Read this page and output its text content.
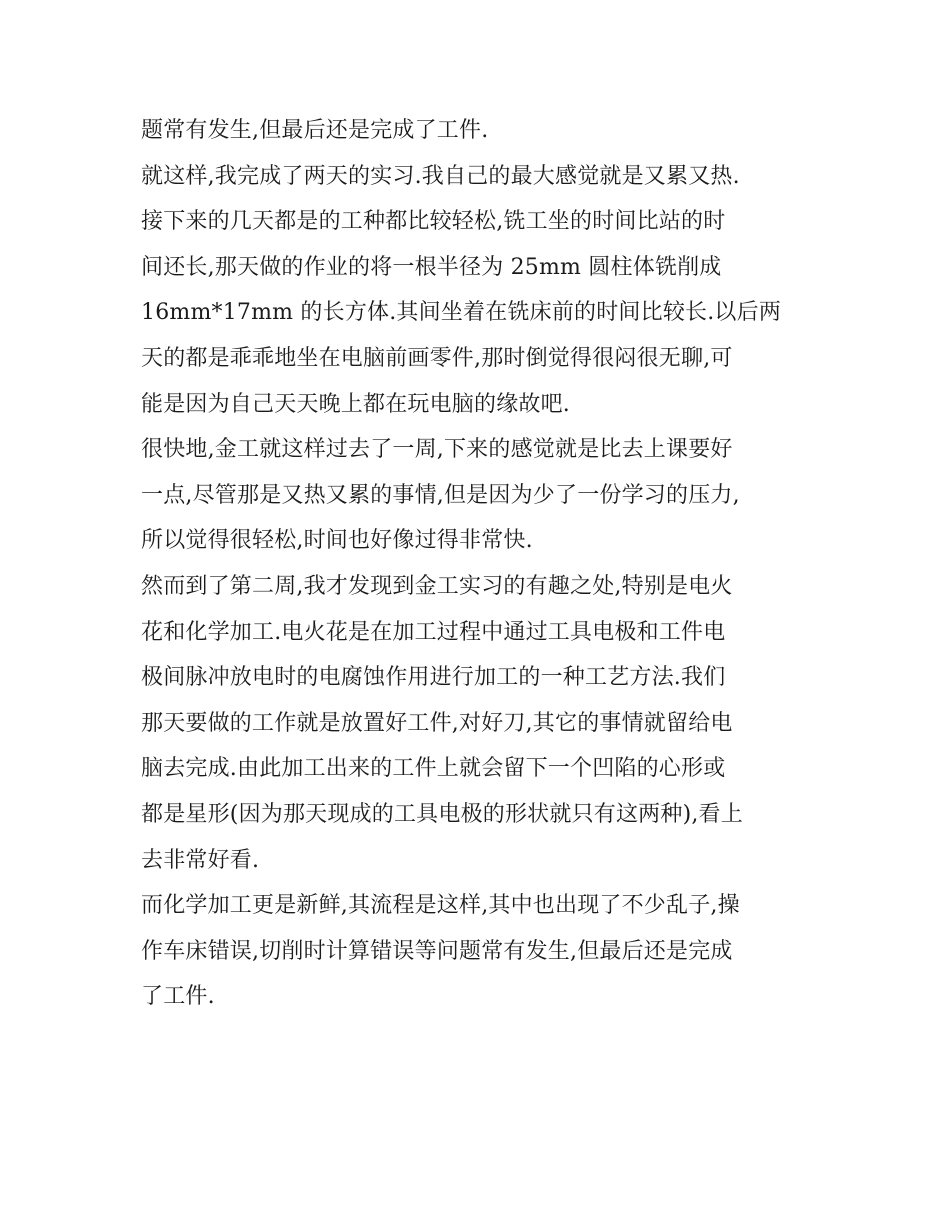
题常有发生,但最后还是完成了工件.
就这样,我完成了两天的实习.我自己的最大感觉就是又累又热.
接下来的几天都是的工种都比较轻松,铣工坐的时间比站的时
间还长,那天做的作业的将一根半径为 25mm 圆柱体铣削成
16mm*17mm 的长方体.其间坐着在铣床前的时间比较长.以后两
天的都是乖乖地坐在电脑前画零件,那时倒觉得很闷很无聊,可
能是因为自己天天晚上都在玩电脑的缘故吧.
很快地,金工就这样过去了一周,下来的感觉就是比去上课要好
一点,尽管那是又热又累的事情,但是因为少了一份学习的压力,
所以觉得很轻松,时间也好像过得非常快.
然而到了第二周,我才发现到金工实习的有趣之处,特别是电火
花和化学加工.电火花是在加工过程中通过工具电极和工件电
极间脉冲放电时的电腐蚀作用进行加工的一种工艺方法.我们
那天要做的工作就是放置好工件,对好刀,其它的事情就留给电
脑去完成.由此加工出来的工件上就会留下一个凹陷的心形或
都是星形(因为那天现成的工具电极的形状就只有这两种),看上
去非常好看.
而化学加工更是新鲜,其流程是这样,其中也出现了不少乱子,操
作车床错误,切削时计算错误等问题常有发生,但最后还是完成
了工件.
